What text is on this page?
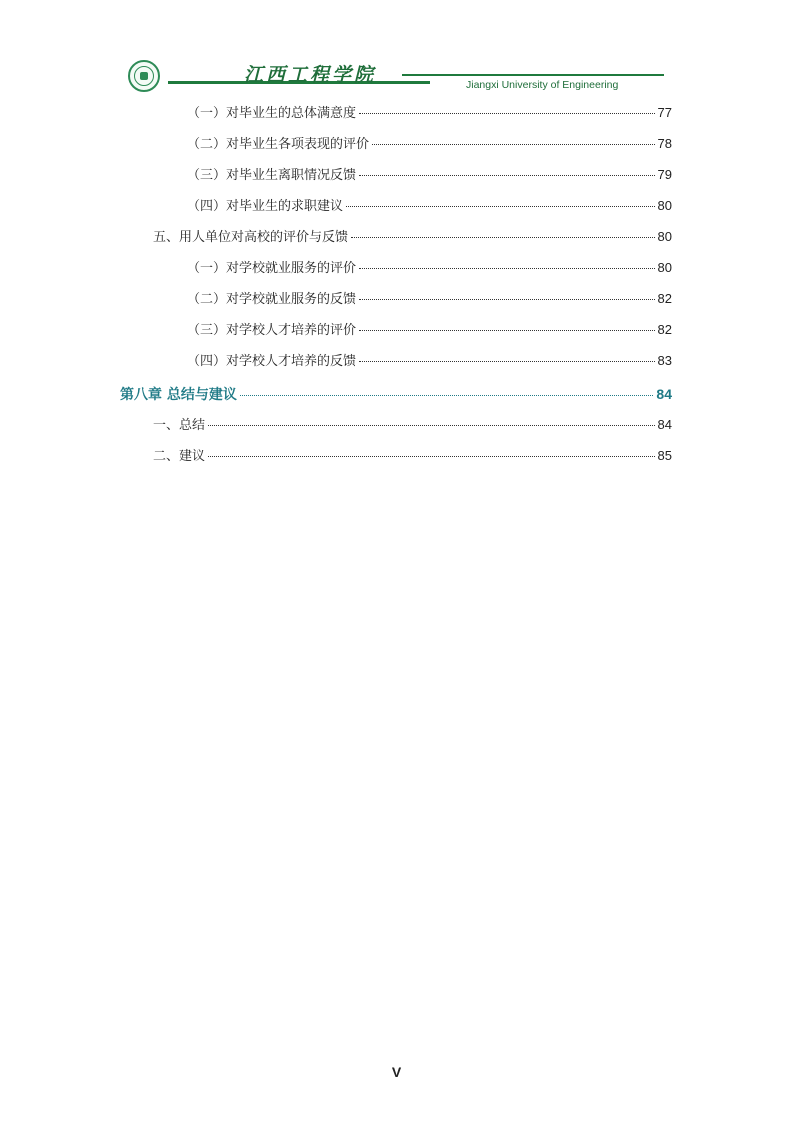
江西工程学院	Jiangxi University of Engineering
（一）对毕业生的总体满意度	77
（二）对毕业生各项表现的评价	78
（三）对毕业生离职情况反馈	79
（四）对毕业生的求职建议	80
五、用人单位对高校的评价与反馈	80
（一）对学校就业服务的评价	80
（二）对学校就业服务的反馈	82
（三）对学校人才培养的评价	82
（四）对学校人才培养的反馈	83
第八章 总结与建议	84
一、总结	84
二、建议	85
V
